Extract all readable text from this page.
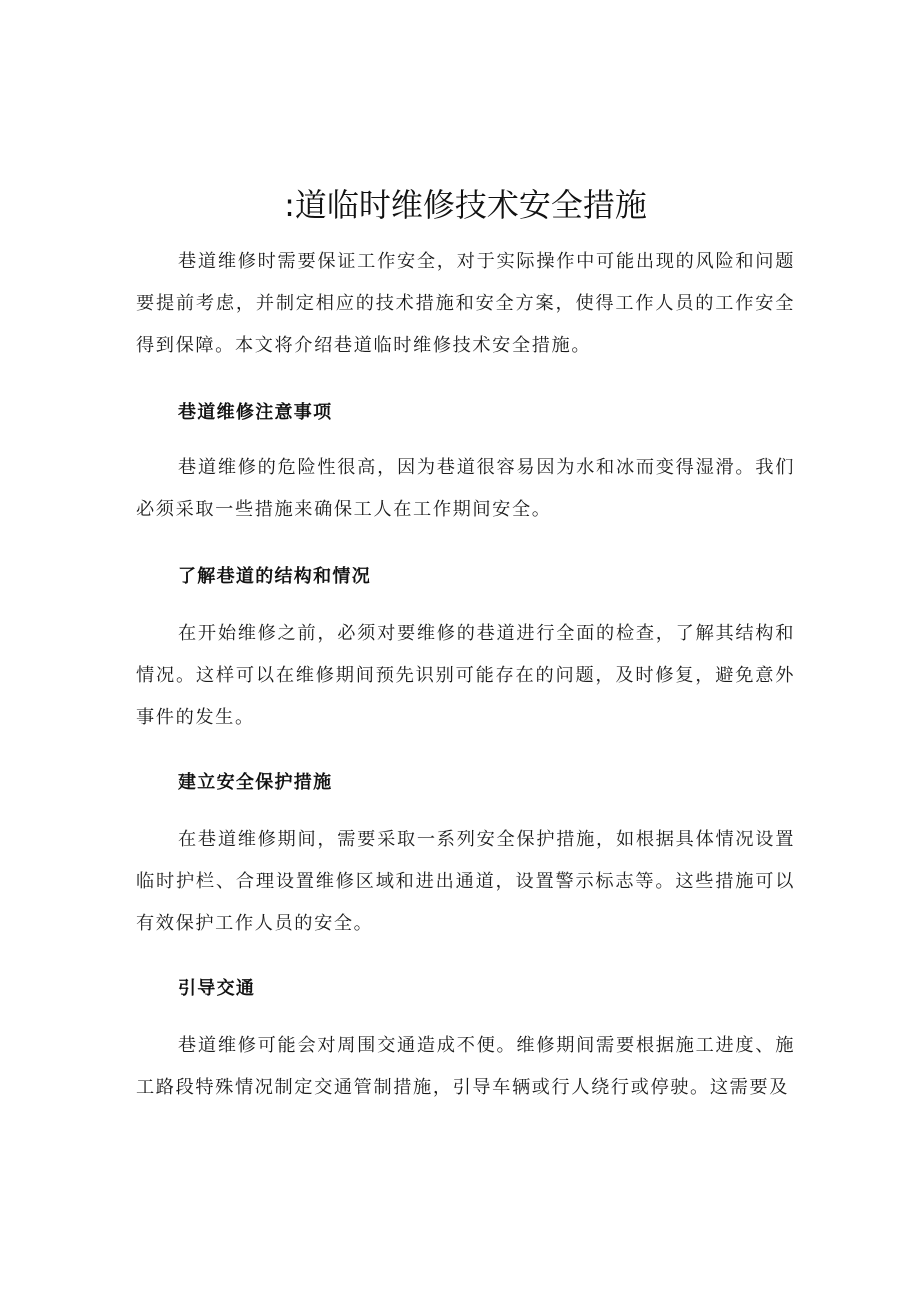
:道临时维修技术安全措施

巷道维修时需要保证工作安全，对于实际操作中可能出现的风险和问题要提前考虑，并制定相应的技术措施和安全方案，使得工作人员的工作安全得到保障。本文将介绍巷道临时维修技术安全措施。

巷道维修注意事项

巷道维修的危险性很高，因为巷道很容易因为水和冰而变得湿滑。我们必须采取一些措施来确保工人在工作期间安全。

了解巷道的结构和情况

在开始维修之前，必须对要维修的巷道进行全面的检查，了解其结构和情况。这样可以在维修期间预先识别可能存在的问题，及时修复，避免意外事件的发生。

建立安全保护措施

在巷道维修期间，需要采取一系列安全保护措施，如根据具体情况设置临时护栏、合理设置维修区域和进出通道，设置警示标志等。这些措施可以有效保护工作人员的安全。

引导交通

巷道维修可能会对周围交通造成不便。维修期间需要根据施工进度、施工路段特殊情况制定交通管制措施，引导车辆或行人绕行或停驶。这需要及
